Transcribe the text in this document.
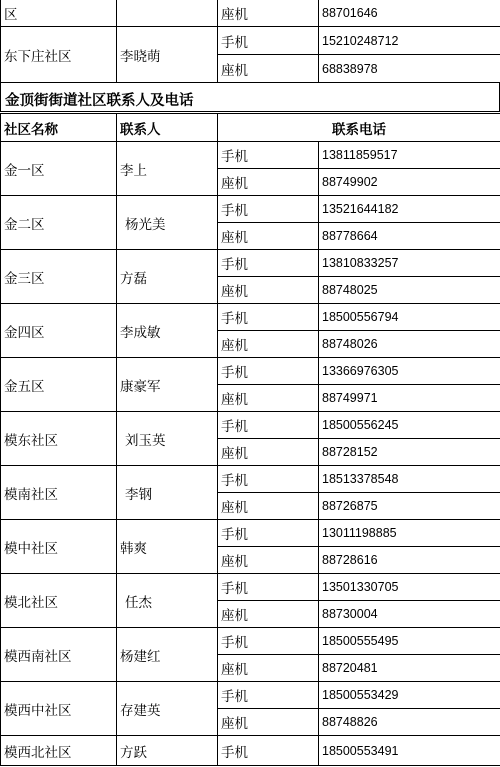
区		座机	88701646
东下庄社区	李晓萌	手机	15210248712
		座机	68838978
金顶街街道社区联系人及电话
社区名称	联系人	联系电话	
金一区	李上	手机	13811859517
		座机	88749902
金二区	杨光美	手机	13521644182
		座机	88778664
金三区	方磊	手机	13810833257
		座机	88748025
金四区	李成敏	手机	18500556794
		座机	88748026
金五区	康豪军	手机	13366976305
		座机	88749971
模东社区	刘玉英	手机	18500556245
		座机	88728152
模南社区	李钢	手机	18513378548
		座机	88726875
模中社区	韩爽	手机	13011198885
		座机	88728616
模北社区	任杰	手机	13501330705
		座机	88730004
模西南社区	杨建红	手机	18500555495
		座机	88720481
模西中社区	存建英	手机	18500553429
		座机	88748826
模西北社区	方跃	手机	18500553491
